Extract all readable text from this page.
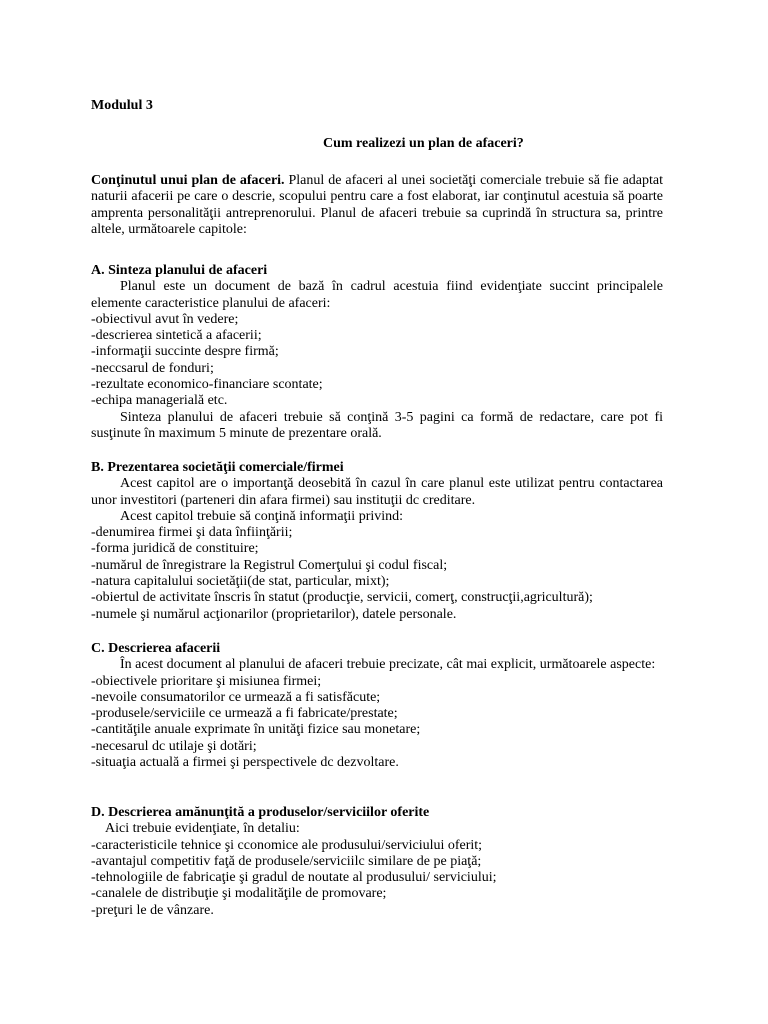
Modulul 3
Cum realizezi un plan de afaceri?
Conţinutul unui plan de afaceri. Planul de afaceri al unei societăţi comerciale trebuie să fie adaptat naturii afacerii pe care o descrie, scopului pentru care a fost elaborat, iar conţinutul acestuia să poarte amprenta personalităţii antreprenorului. Planul de afaceri trebuie sa cuprindă în structura sa, printre altele, următoarele capitole:
A. Sinteza planului de afaceri
Planul este un document de bază în cadrul acestuia fiind evidenţiate succint principalele elemente caracteristice planului de afaceri:
-obiectivul avut în vedere;
-descrierea sintetică a afacerii;
-informaţii succinte despre firmă;
-neccsarul de fonduri;
-rezultate economico-financiare scontate;
-echipa managerială etc.
Sinteza planului de afaceri trebuie să conţină 3-5 pagini ca formă de redactare, care pot fi susţinute în maximum 5 minute de prezentare orală.
B. Prezentarea societăţii comerciale/firmei
Acest capitol are o importanţă deosebită în cazul în care planul este utilizat pentru contactarea unor investitori (parteneri din afara firmei) sau instituţii dc creditare.
Acest capitol trebuie să conţină informaţii privind:
-denumirea firmei şi data înfiinţării;
-forma juridică de constituire;
-numărul de înregistrare la Registrul Comerţului şi codul fiscal;
-natura capitalului societăţii(de stat, particular, mixt);
-obiertul de activitate înscris în statut (producţie, servicii, comerţ, construcţii,agricultură);
-numele şi numărul acţionarilor (proprietarilor), datele personale.
C. Descrierea afacerii
În acest document al planului de afaceri trebuie precizate, cât mai explicit, următoarele aspecte:
-obiectivele prioritare şi misiunea firmei;
-nevoile consumatorilor ce urmează a fi satisfăcute;
-produsele/serviciile ce urmează a fi fabricate/prestate;
-cantităţile anuale exprimate în unităţi fizice sau monetare;
-necesarul dc utilaje şi dotări;
-situaţia actuală a firmei şi perspectivele dc dezvoltare.
D. Descrierea amănunţită a produselor/serviciilor oferite
Aici trebuie evidenţiate, în detaliu:
-caracteristicile tehnice şi cconomice ale produsului/serviciului oferit;
-avantajul competitiv faţă de produsele/serviciilc similare de pe piaţă;
-tehnologiile de fabricaţie şi gradul de noutate al produsului/ serviciului;
-canalele de distribuţie şi modalităţile de promovare;
-preţuri le de vânzare.
